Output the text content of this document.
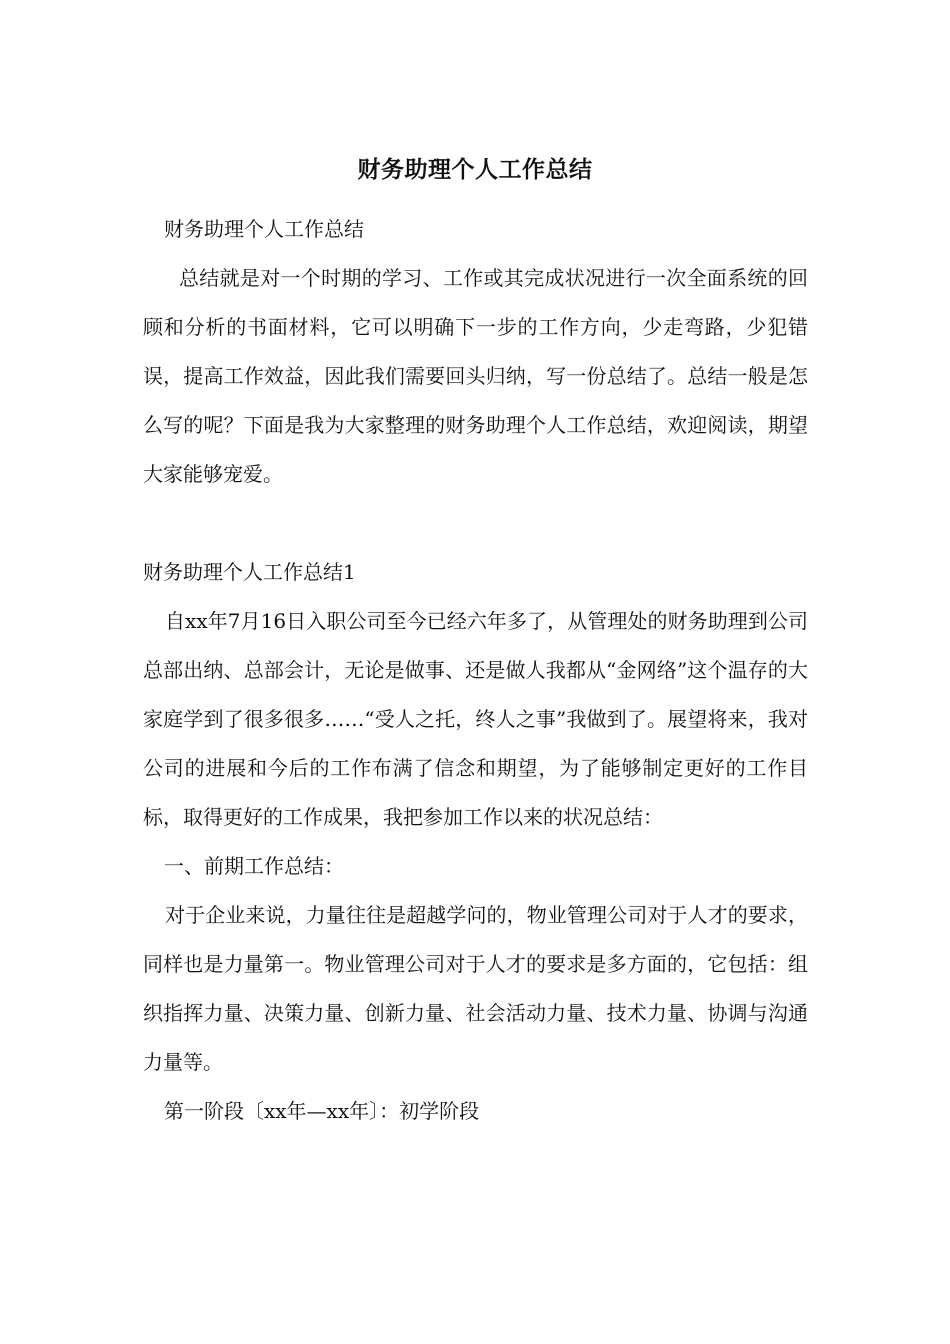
财务助理个人工作总结

财务助理个人工作总结

总结就是对一个时期的学习、工作或其完成状况进行一次全面系统的回顾和分析的书面材料，它可以明确下一步的工作方向，少走弯路，少犯错误，提高工作效益，因此我们需要回头归纳，写一份总结了。总结一般是怎么写的呢？下面是我为大家整理的财务助理个人工作总结，欢迎阅读，期望大家能够宠爱。

财务助理个人工作总结1

自xx年7月16日入职公司至今已经六年多了，从管理处的财务助理到公司总部出纳、总部会计，无论是做事、还是做人我都从“金网络”这个温存的大家庭学到了很多很多……“受人之托，终人之事”我做到了。展望将来，我对公司的进展和今后的工作布满了信念和期望，为了能够制定更好的工作目标，取得更好的工作成果，我把参加工作以来的状况总结：

一、前期工作总结：

对于企业来说，力量往往是超越学问的，物业管理公司对于人才的要求，同样也是力量第一。物业管理公司对于人才的要求是多方面的，它包括：组织指挥力量、决策力量、创新力量、社会活动力量、技术力量、协调与沟通力量等。

第一阶段〔xx年—xx年〕：初学阶段
